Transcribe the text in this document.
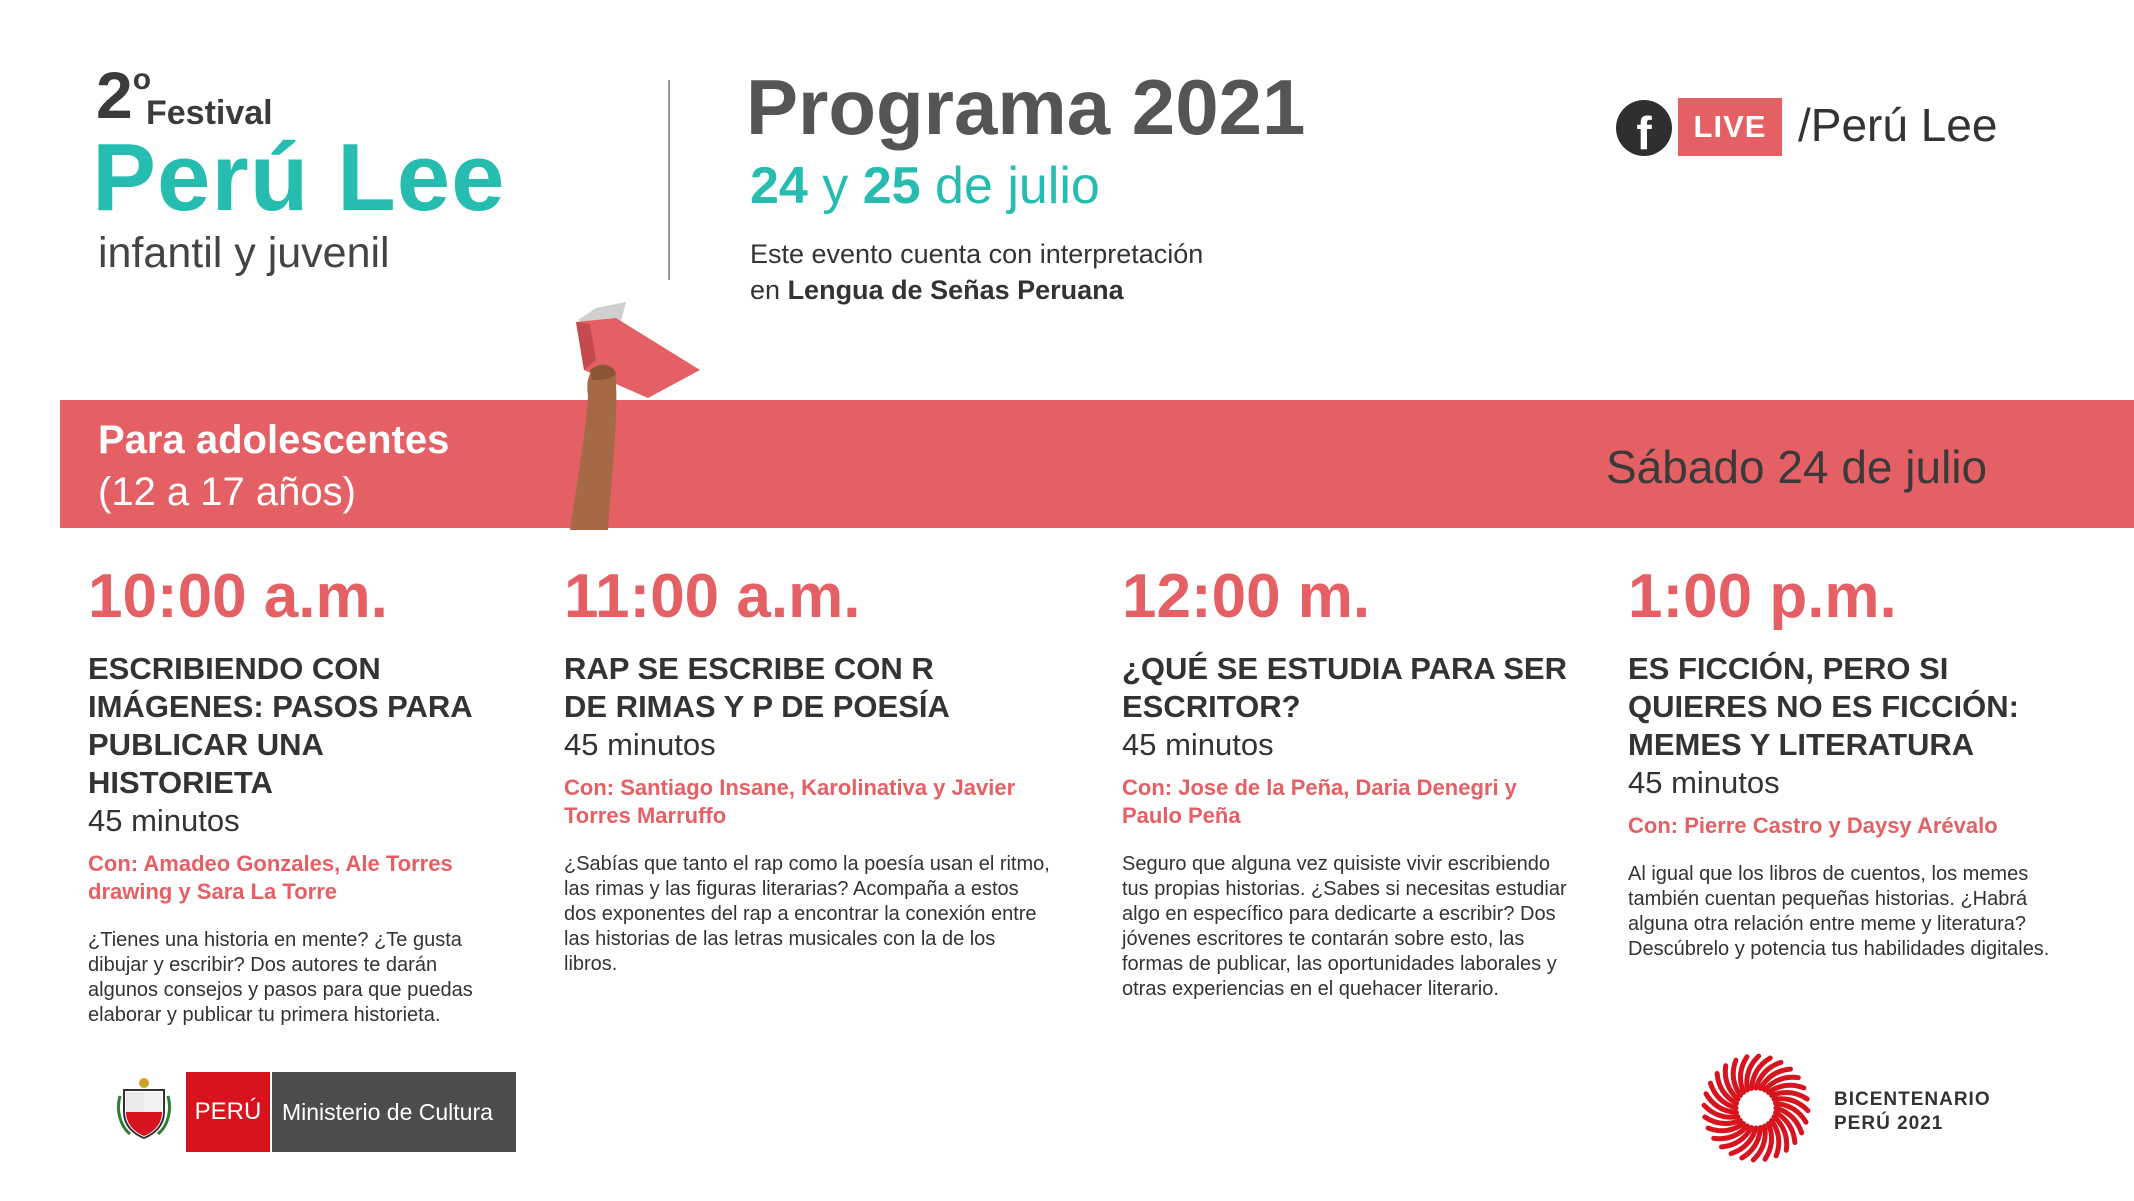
2$^o$
Festival
Perú Lee
infantil y juvenil
Programa 2021
24 y 25 de julio
Este evento cuenta con interpretación
en Lengua de Señas Peruana
f	LIVE /Perú Lee
Para adolescentes
(12 a 17 años)	Sábado 24 de julio
10:00 a.m.
ESCRIBIENDO CON
IMÁGENES: PASOS PARA
PUBLICAR UNA HISTORIETA
45 minutos
Con: Amadeo Gonzales, Ale Torres drawing y Sara La Torre
¿Tienes una historia en mente? ¿Te gusta dibujar y escribir? Dos autores te darán algunos consejos y pasos para que puedas elaborar y publicar tu primera historieta.
11:00 a.m.
RAP SE ESCRIBE CON R
DE RIMAS Y P DE POESÍA
45 minutos
Con: Santiago Insane, Karolinativa y Javier Torres Marruffo
¿Sabías que tanto el rap como la poesía usan el ritmo, las rimas y las figuras literarias? Acompaña a estos dos exponentes del rap a encontrar la conexión entre las historias de las letras musicales con la de los libros.
12:00 m.
¿QUÉ SE ESTUDIA PARA SER
ESCRITOR?
45 minutos
Con: Jose de la Peña, Daria Denegri y Paulo Peña
Seguro que alguna vez quisiste vivir escribiendo tus propias historias. ¿Sabes si necesitas estudiar algo en específico para dedicarte a escribir? Dos jóvenes escritores te contarán sobre esto, las formas de publicar, las oportunidades laborales y otras experiencias en el quehacer literario.
1:00 p.m.
ES FICCIÓN, PERO SI
QUIERES NO ES FICCIÓN:
MEMES Y LITERATURA
45 minutos
Con: Pierre Castro y Daysy Arévalo
Al igual que los libros de cuentos, los memes también cuentan pequeñas historias. ¿Habrá alguna otra relación entre meme y literatura? Descúbrelo y potencia tus habilidades digitales.
PERÚ Ministerio de Cultura	BICENTENARIO
PERÚ 2021
